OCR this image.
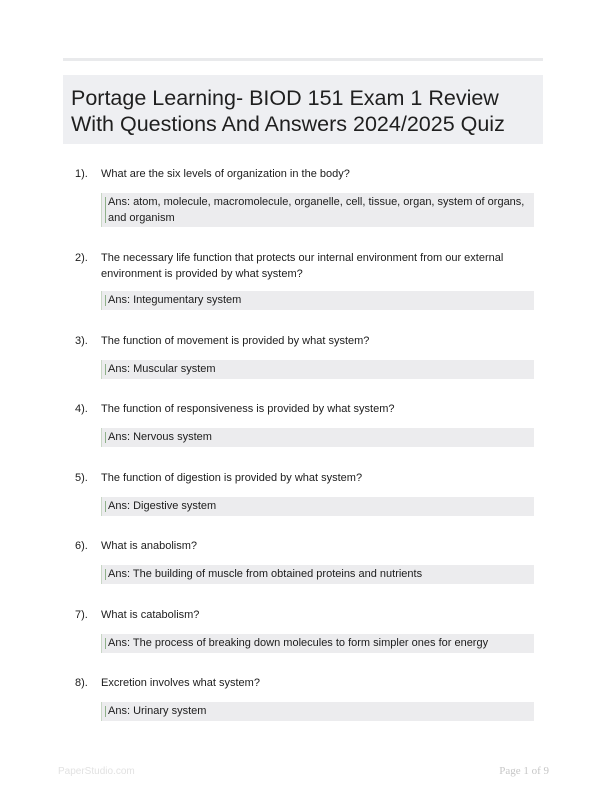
Portage Learning- BIOD 151 Exam 1 Review With Questions And Answers 2024/2025 Quiz
1). What are the six levels of organization in the body?
Ans: atom, molecule, macromolecule, organelle, cell, tissue, organ, system of organs, and organism
2). The necessary life function that protects our internal environment from our external environment is provided by what system?
Ans: Integumentary system
3). The function of movement is provided by what system?
Ans: Muscular system
4). The function of responsiveness is provided by what system?
Ans: Nervous system
5). The function of digestion is provided by what system?
Ans: Digestive system
6). What is anabolism?
Ans: The building of muscle from obtained proteins and nutrients
7). What is catabolism?
Ans: The process of breaking down molecules to form simpler ones for energy
8). Excretion involves what system?
Ans: Urinary system
PaperStudio.com	Page 1 of 9
